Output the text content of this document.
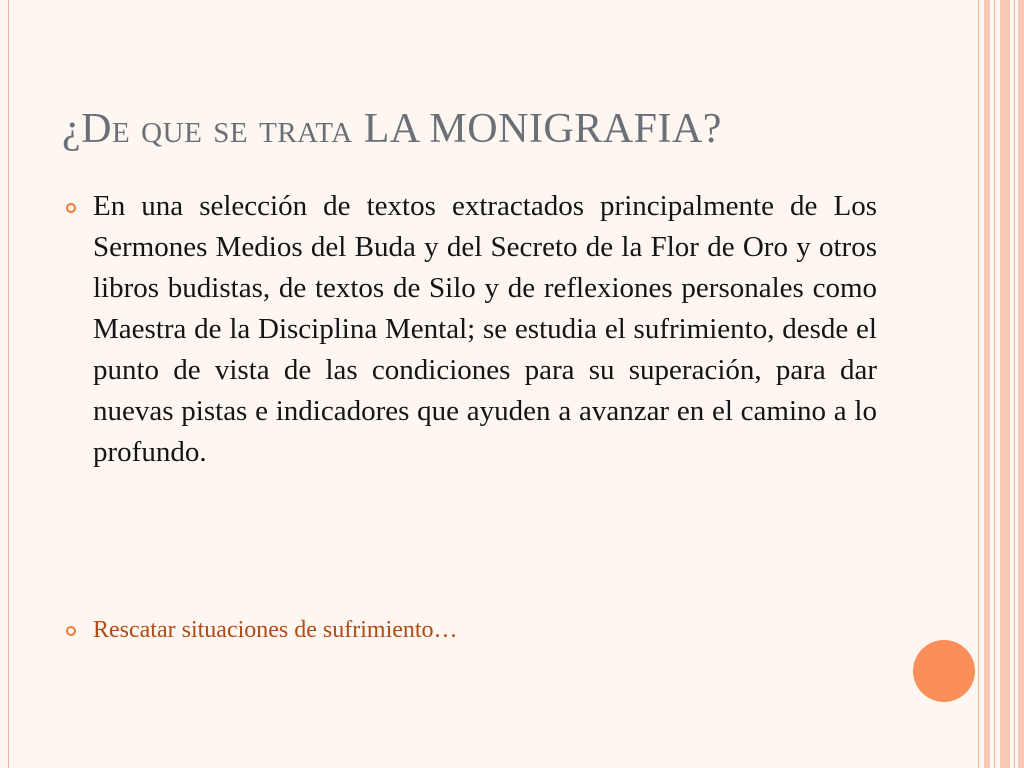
¿De que se trata LA MONIGRAFIA?
En una selección de textos extractados principalmente de Los Sermones Medios del Buda y del Secreto de la Flor de Oro y otros libros budistas, de textos de Silo y de reflexiones personales como Maestra de la Disciplina Mental; se estudia el sufrimiento, desde el punto de vista de las condiciones para su superación, para dar nuevas pistas e indicadores que ayuden a avanzar en el camino a lo profundo.
Rescatar situaciones de sufrimiento…
